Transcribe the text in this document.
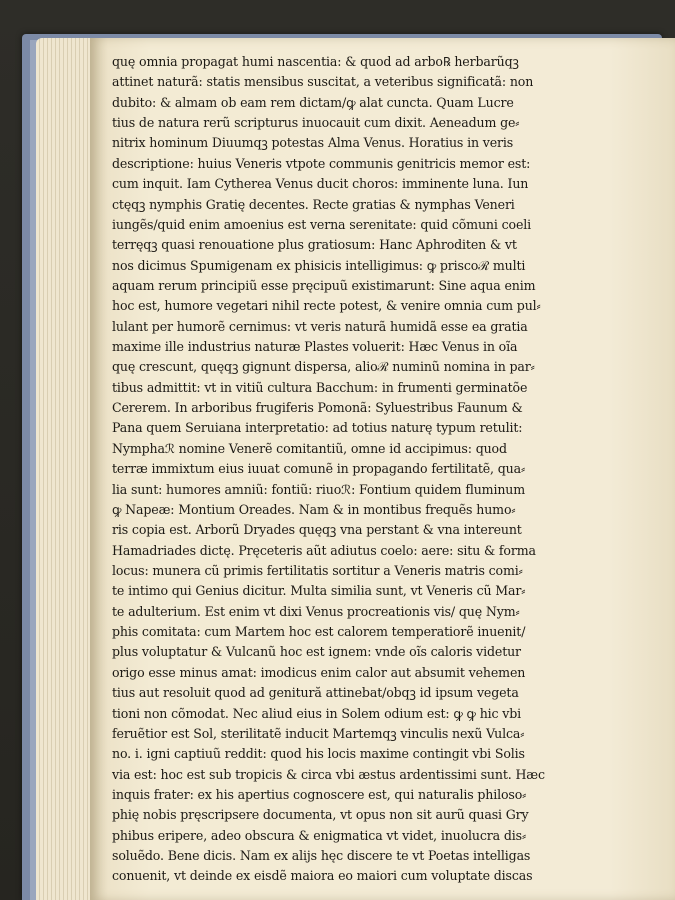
quę omnia propagat humi nascentia: & quod ad arbo℞ herbarũqꝫ
attinet naturã: statis mensibus suscitat, a veteribus significatã: non
dubito: & almam ob eam rem dictam/ꝙ alat cuncta. Quam Lucre
tius de natura rerũ scripturus inuocauit cum dixit. Aeneadum ge⸗
nitrix hominum Diuumqꝫ potestas Alma Venus. Horatius in veris
descriptione: huius Veneris vtpote communis genitricis memor est:
cum inquit. Iam Cytherea Venus ducit choros: imminente luna. Iun
ctęqꝫ nymphis Gratię decentes. Recte gratias & nymphas Veneri
iungẽs/quid enim amoenius est verna serenitate: quid cõmuni coeli
terręqꝫ quasi renouatione plus gratiosum: Hanc Aphroditen & vt
nos dicimus Spumigenam ex phisicis intelligimus: ꝙ priscoℛ multi
aquam rerum principiũ esse pręcipuũ existimarunt: Sine aqua enim
hoc est, humore vegetari nihil recte potest, & venire omnia cum pul⸗
lulant per humorẽ cernimus: vt veris naturã humidã esse ea gratia
maxime ille industrius naturæ Plastes voluerit: Hæc Venus in oĩa
quę crescunt, quęqꝫ gignunt dispersa, alioℛ numinũ nomina in par⸗
tibus admittit: vt in vitiũ cultura Bacchum: in frumenti germinatõe
Cererem. In arboribus frugiferis Pomonã: Syluestribus Faunum &
Pana quem Seruiana interpretatio: ad totius naturę typum retulit:
Nymphaℛ nomine Venerẽ comitantiũ, omne id accipimus: quod
terræ immixtum eius iuuat comunẽ in propagando fertilitatẽ, qua⸗
lia sunt: humores amniũ: fontiũ: riuoℛ: Fontium quidem fluminum
ꝙ Napeæ: Montium Oreades. Nam & in montibus frequẽs humo⸗
ris copia est. Arborũ Dryades quęqꝫ vna perstant & vna intereunt
Hamadriades dictę. Pręceteris aũt adiutus coelo: aere: situ & forma
locus: munera cũ primis fertilitatis sortitur a Veneris matris comi⸗
te intimo qui Genius dicitur. Multa similia sunt, vt Veneris cũ Mar⸗
te adulterium. Est enim vt dixi Venus procreationis vis/ quę Nym⸗
phis comitata: cum Martem hoc est calorem temperatiorẽ inuenit/
plus voluptatur & Vulcanũ hoc est ignem: vnde oĩs caloris videtur
origo esse minus amat: imodicus enim calor aut absumit vehemen
tius aut resoluit quod ad genitură attinebat/obqꝫ id ipsum vegeta
tioni non cõmodat. Nec aliud eius in Solem odium est: ꝙ ꝙ hic vbi
feruẽtior est Sol, sterilitatẽ inducit Martemqꝫ vinculis nexũ Vulca⸗
no. i. igni captiuũ reddit: quod his locis maxime contingit vbi Solis
via est: hoc est sub tropicis & circa vbi æstus ardentissimi sunt. Hæc
inquis frater: ex his apertius cognoscere est, qui naturalis philoso⸗
phię nobis pręscripsere documenta, vt opus non sit aurũ quasi Gry
phibus eripere, adeo obscura & enigmatica vt videt, inuolucra dis⸗
soluẽdo. Bene dicis. Nam ex alijs hęc discere te vt Poetas intelligas
conuenit, vt deinde ex eisdẽ maiora eo maiori cum voluptate discas
